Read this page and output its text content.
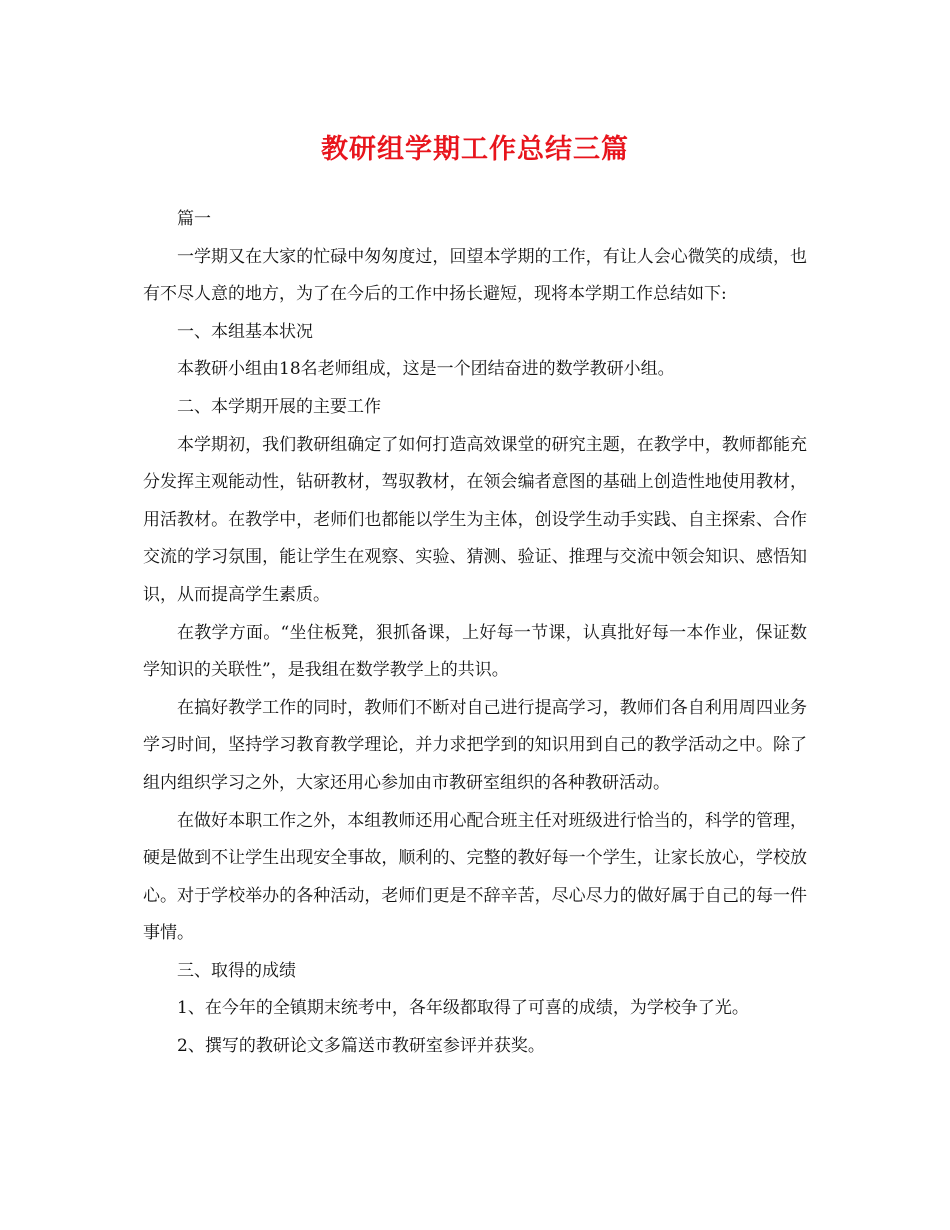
教研组学期工作总结三篇

篇一

一学期又在大家的忙碌中匆匆度过，回望本学期的工作，有让人会心微笑的成绩，也有不尽人意的地方，为了在今后的工作中扬长避短，现将本学期工作总结如下:

一、本组基本状况

本教研小组由18名老师组成，这是一个团结奋进的数学教研小组。

二、本学期开展的主要工作

本学期初，我们教研组确定了如何打造高效课堂的研究主题，在教学中，教师都能充分发挥主观能动性，钻研教材，驾驭教材，在领会编者意图的基础上创造性地使用教材，用活教材。在教学中，老师们也都能以学生为主体，创设学生动手实践、自主探索、合作交流的学习氛围，能让学生在观察、实验、猜测、验证、推理与交流中领会知识、感悟知识，从而提高学生素质。

在教学方面。“坐住板凳，狠抓备课，上好每一节课，认真批好每一本作业，保证数学知识的关联性”，是我组在数学教学上的共识。

在搞好教学工作的同时，教师们不断对自己进行提高学习，教师们各自利用周四业务学习时间，坚持学习教育教学理论，并力求把学到的知识用到自己的教学活动之中。除了组内组织学习之外，大家还用心参加由市教研室组织的各种教研活动。

在做好本职工作之外，本组教师还用心配合班主任对班级进行恰当的，科学的管理，硬是做到不让学生出现安全事故，顺利的、完整的教好每一个学生，让家长放心，学校放心。对于学校举办的各种活动，老师们更是不辞辛苦，尽心尽力的做好属于自己的每一件事情。

三、取得的成绩

1、在今年的全镇期末统考中，各年级都取得了可喜的成绩，为学校争了光。

2、撰写的教研论文多篇送市教研室参评并获奖。
